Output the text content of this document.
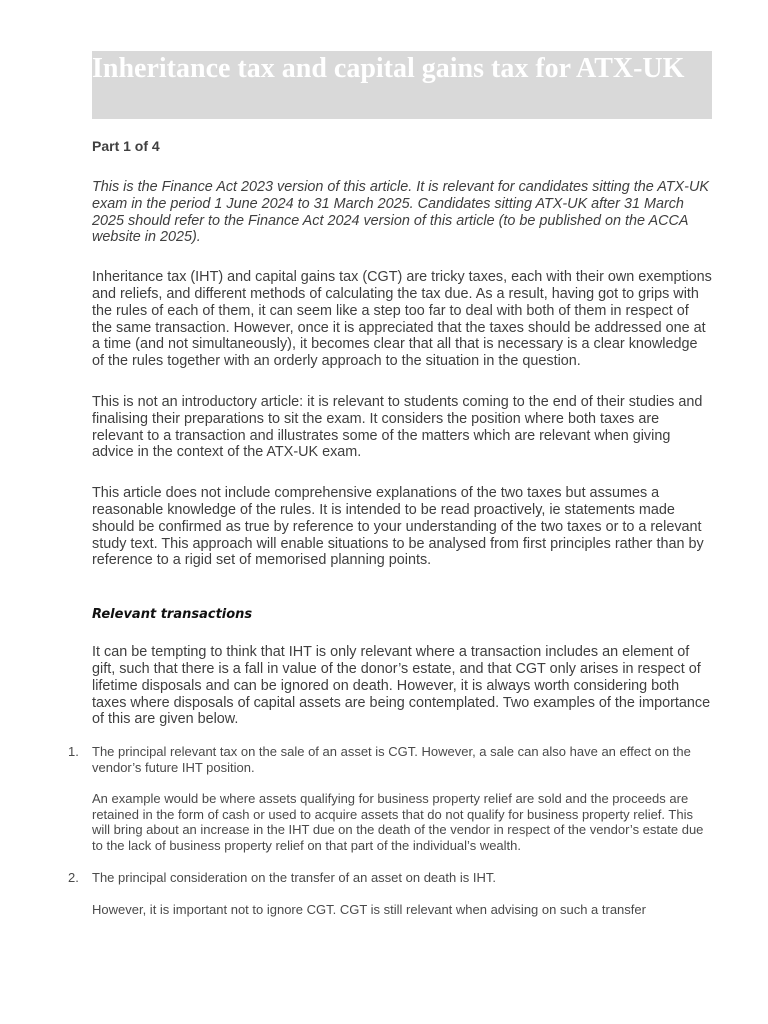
Inheritance tax and capital gains tax for ATX-UK
Part 1 of 4

This is the Finance Act 2023 version of this article. It is relevant for candidates sitting the ATX-UK exam in the period 1 June 2024 to 31 March 2025. Candidates sitting ATX-UK after 31 March 2025 should refer to the Finance Act 2024 version of this article (to be published on the ACCA website in 2025).

Inheritance tax (IHT) and capital gains tax (CGT) are tricky taxes, each with their own exemptions and reliefs, and different methods of calculating the tax due. As a result, having got to grips with the rules of each of them, it can seem like a step too far to deal with both of them in respect of the same transaction. However, once it is appreciated that the taxes should be addressed one at a time (and not simultaneously), it becomes clear that all that is necessary is a clear knowledge of the rules together with an orderly approach to the situation in the question.

This is not an introductory article: it is relevant to students coming to the end of their studies and finalising their preparations to sit the exam. It considers the position where both taxes are relevant to a transaction and illustrates some of the matters which are relevant when giving advice in the context of the ATX-UK exam.

This article does not include comprehensive explanations of the two taxes but assumes a reasonable knowledge of the rules. It is intended to be read proactively, ie statements made should be confirmed as true by reference to your understanding of the two taxes or to a relevant study text. This approach will enable situations to be analysed from first principles rather than by reference to a rigid set of memorised planning points.

Relevant transactions

It can be tempting to think that IHT is only relevant where a transaction includes an element of gift, such that there is a fall in value of the donor’s estate, and that CGT only arises in respect of lifetime disposals and can be ignored on death. However, it is always worth considering both taxes where disposals of capital assets are being contemplated. Two examples of the importance of this are given below.

1. The principal relevant tax on the sale of an asset is CGT. However, a sale can also have an effect on the vendor’s future IHT position.

An example would be where assets qualifying for business property relief are sold and the proceeds are retained in the form of cash or used to acquire assets that do not qualify for business property relief. This will bring about an increase in the IHT due on the death of the vendor in respect of the vendor’s estate due to the lack of business property relief on that part of the individual’s wealth.

2. The principal consideration on the transfer of an asset on death is IHT.

However, it is important not to ignore CGT. CGT is still relevant when advising on such a transfer
